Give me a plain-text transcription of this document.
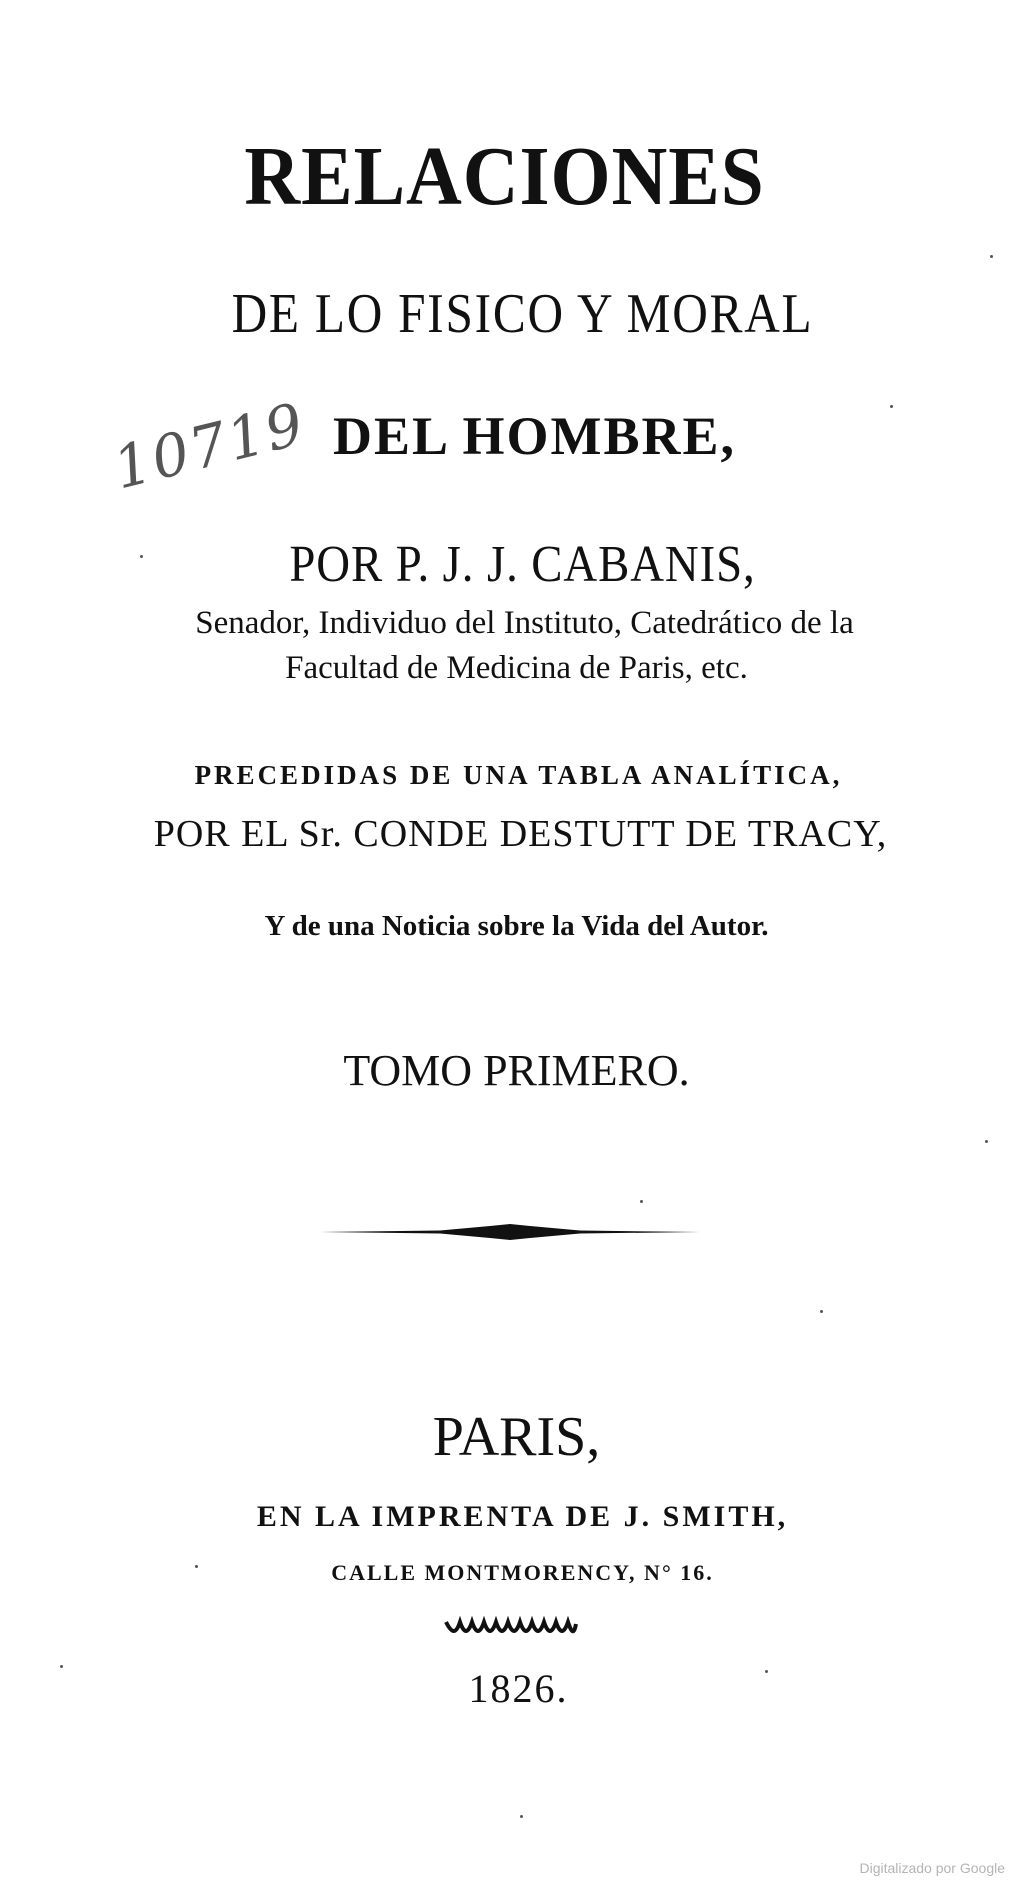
RELACIONES
DE LO FISICO Y MORAL
DEL HOMBRE,
10719
POR P. J. J. CABANIS,
Senador, Individuo del Instituto, Catedrático de la
Facultad de Medicina de Paris, etc.
PRECEDIDAS DE UNA TABLA ANALÍTICA,
POR EL Sr. CONDE DESTUTT DE TRACY,
Y de una Noticia sobre la Vida del Autor.
TOMO PRIMERO.
PARIS,
EN LA IMPRENTA DE J. SMITH,
CALLE MONTMORENCY, N° 16.
1826.
Digitalizado por Google
